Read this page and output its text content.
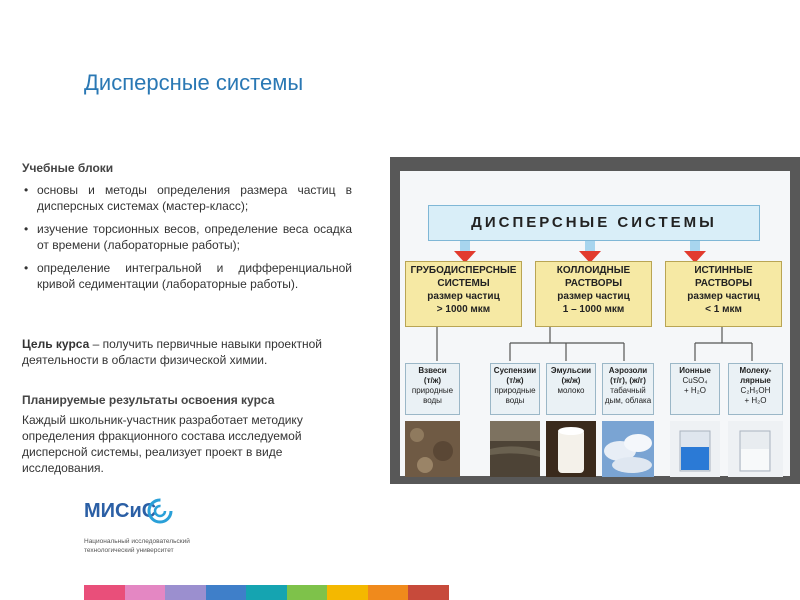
Дисперсные системы
Учебные блоки
• основы и методы определения размера частиц в дисперсных системах (мастер-класс);
• изучение торсионных весов, определение веса осадка от времени (лабораторные работы);
• определение интегральной и дифференциальной кривой седиментации (лабораторные работы).
Цель курса – получить первичные навыки проектной деятельности в области физической химии.
Планируемые результаты освоения курса
Каждый школьник-участник разработает методику определения фракционного состава исследуемой дисперсной системы, реализует проект в виде исследования.
ДИСПЕРСНЫЕ СИСТЕМЫ
ГРУБОДИСПЕРСНЫЕ
СИСТЕМЫ
размер частиц
> 1000 мкм
КОЛЛОИДНЫЕ
РАСТВОРЫ
размер частиц
1 – 1000 мкм
ИСТИННЫЕ
РАСТВОРЫ
размер частиц
< 1 мкм
Взвеси
(т/ж)
природные
воды
Суспензии
(т/ж)
природные
воды
Эмульсии
(ж/ж)
молоко
Аэрозоли
(т/г), (ж/г)
табачный
дым, облака
Ионные
CuSO₄
+ H₂O
Молеку-
лярные
C₂H₅OH
+ H₂O
МИСиС
Национальный исследовательский
технологический университет
